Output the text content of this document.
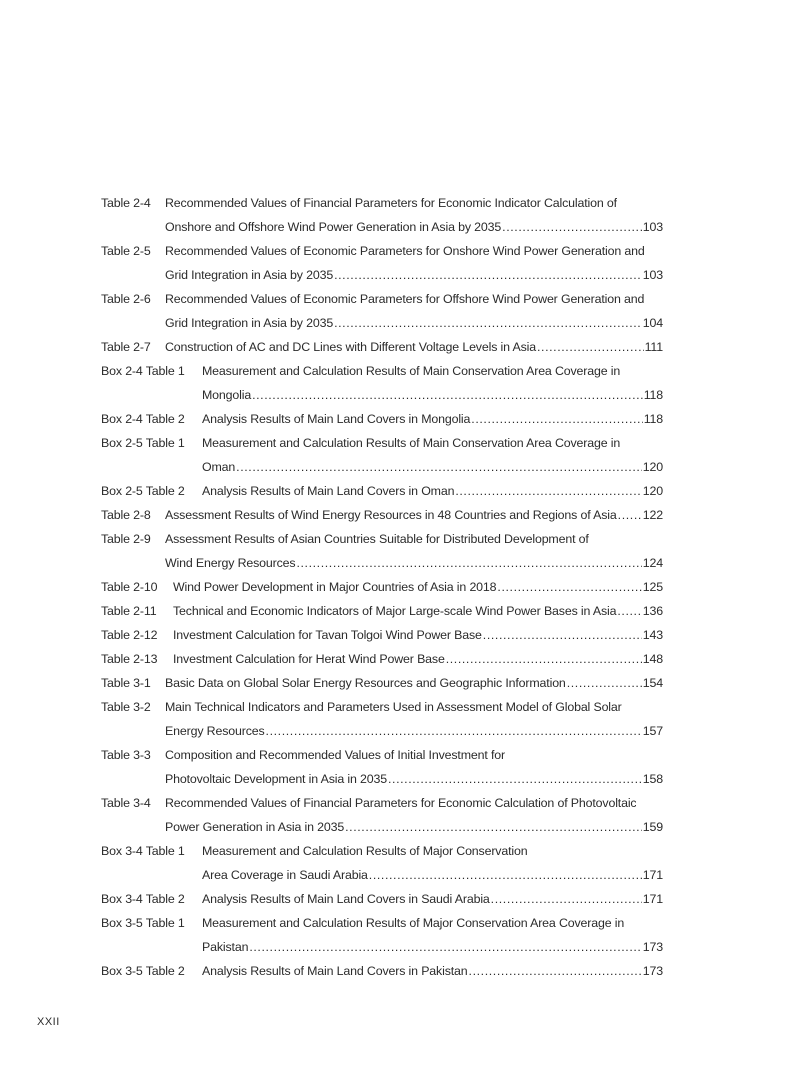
Table 2-4	Recommended Values of Financial Parameters for Economic Indicator Calculation of
Onshore and Offshore Wind Power Generation in Asia by 2035 .....	103
Table 2-5	Recommended Values of Economic Parameters for Onshore Wind Power Generation and
Grid Integration in Asia by 2035 .....	103
Table 2-6	Recommended Values of Economic Parameters for Offshore Wind Power Generation and
Grid Integration in Asia by 2035 .....	104
Table 2-7	Construction of AC and DC Lines with Different Voltage Levels in Asia .....	111
Box 2-4 Table 1	Measurement and Calculation Results of Main Conservation Area Coverage in
Mongolia .....	118
Box 2-4 Table 2	Analysis Results of Main Land Covers in Mongolia .....	118
Box 2-5 Table 1	Measurement and Calculation Results of Main Conservation Area Coverage in
Oman .....	120
Box 2-5 Table 2	Analysis Results of Main Land Covers in Oman .....	120
Table 2-8	Assessment Results of Wind Energy Resources in 48 Countries and Regions of Asia ..... 122
Table 2-9	Assessment Results of Asian Countries Suitable for Distributed Development of
Wind Energy Resources .....	124
Table 2-10	Wind Power Development in Major Countries of Asia in 2018 .....	125
Table 2-11	Technical and Economic Indicators of Major Large-scale Wind Power Bases in Asia ..... 136
Table 2-12	Investment Calculation for Tavan Tolgoi Wind Power Base .....	143
Table 2-13	Investment Calculation for Herat Wind Power Base .....	148
Table 3-1	Basic Data on Global Solar Energy Resources and Geographic Information .....	154
Table 3-2	Main Technical Indicators and Parameters Used in Assessment Model of Global Solar
Energy Resources .....	157
Table 3-3	Composition and Recommended Values of Initial Investment for
Photovoltaic Development in Asia in 2035 .....	158
Table 3-4	Recommended Values of Financial Parameters for Economic Calculation of Photovoltaic
Power Generation in Asia in 2035 .....	159
Box 3-4 Table 1	Measurement and Calculation Results of Major Conservation
Area Coverage in Saudi Arabia .....	171
Box 3-4 Table 2	Analysis Results of Main Land Covers in Saudi Arabia .....	171
Box 3-5 Table 1	Measurement and Calculation Results of Major Conservation Area Coverage in
Pakistan .....	173
Box 3-5 Table 2	Analysis Results of Main Land Covers in Pakistan .....	173
XXII
